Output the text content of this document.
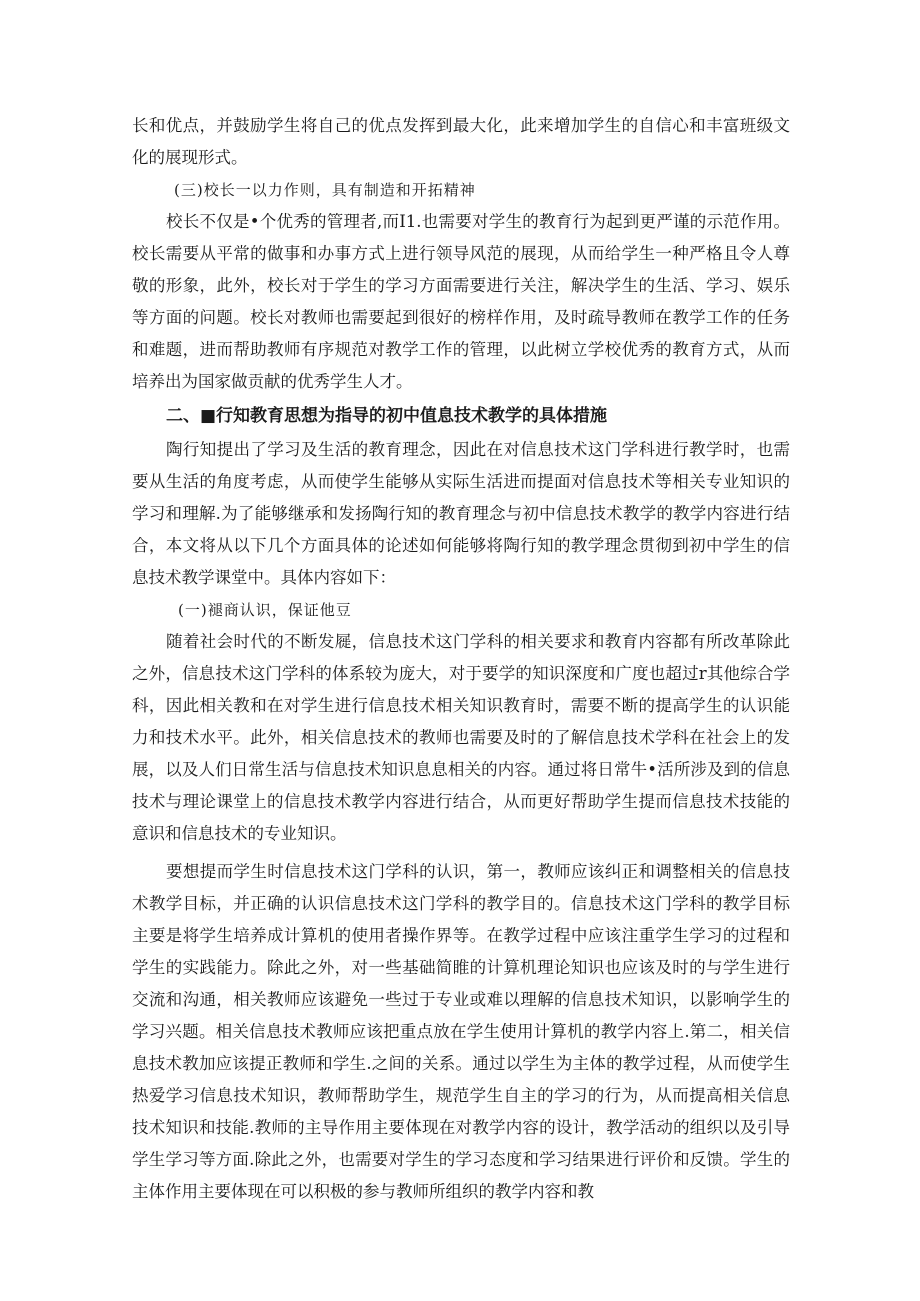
长和优点，并鼓励学生将自己的优点发挥到最大化，此来增加学生的自信心和丰富班级文化的展现形式。

(三)校长一以力作则，具有制造和开拓精神

校长不仅是•个优秀的管理者,而I1.也需要对学生的教育行为起到更严谨的示范作用。校长需要从平常的做事和办事方式上进行领导风范的展现，从而给学生一种严格且令人尊敬的形象，此外，校长对于学生的学习方面需要进行关注，解决学生的生活、学习、娱乐等方面的问题。校长对教师也需要起到很好的榜样作用，及时疏导教师在教学工作的任务和难题，进而帮助教师有序规范对教学工作的管理，以此树立学校优秀的教育方式，从而培养出为国家做贡献的优秀学生人才。

二、■行知教育思想为指导的初中值息技术教学的具体措施

陶行知提出了学习及生活的教育理念，因此在对信息技术这门学科进行教学时，也需要从生活的角度考虑，从而使学生能够从实际生活进而提面对信息技术等相关专业知识的学习和理解.为了能够继承和发扬陶行知的教育理念与初中信息技术教学的教学内容进行结合，本文将从以下几个方面具体的论述如何能够将陶行知的教学理念贯彻到初中学生的信息技术教学课堂中。具体内容如下：

(一)褪商认识，保证他豆

随着社会时代的不断发屣，信息技术这门学科的相关要求和教育内容都有所改革除此之外，信息技术这门学科的体系较为庞大，对于要学的知识深度和广度也超过r其他综合学科，因此相关教和在对学生进行信息技术相关知识教育时，需要不断的提高学生的认识能力和技术水平。此外，相关信息技术的教师也需要及时的了解信息技术学科在社会上的发展，以及人们日常生活与信息技术知识息息相关的内容。通过将日常牛•活所涉及到的信息技术与理论课堂上的信息技术教学内容进行结合，从而更好帮助学生提而信息技术技能的意识和信息技术的专业知识。

要想提而学生时信息技术这门学科的认识，第一，教师应该纠正和调整相关的信息技术教学目标，并正确的认识信息技术这门学科的教学目的。信息技术这门学科的教学目标主要是将学生培养成计算机的使用者操作界等。在教学过程中应该注重学生学习的过程和学生的实践能力。除此之外，对一些基础简睢的计算机理论知识也应该及时的与学生进行交流和沟通，相关教师应该避免一些过于专业或难以理解的信息技术知识，以影响学生的学习兴题。相关信息技术教师应该把重点放在学生使用计算机的教学内容上.第二，相关信息技术教加应该提正教师和学生.之间的关系。通过以学生为主体的教学过程，从而使学生热爱学习信息技术知识，教师帮助学生，规范学生自主的学习的行为，从而提高相关信息技术知识和技能.教师的主导作用主要体现在对教学内容的设计，教学活动的组织以及引导学生学习等方面.除此之外，也需要对学生的学习态度和学习结果进行评价和反馈。学生的主体作用主要体现在可以积极的参与教师所组织的教学内容和教
